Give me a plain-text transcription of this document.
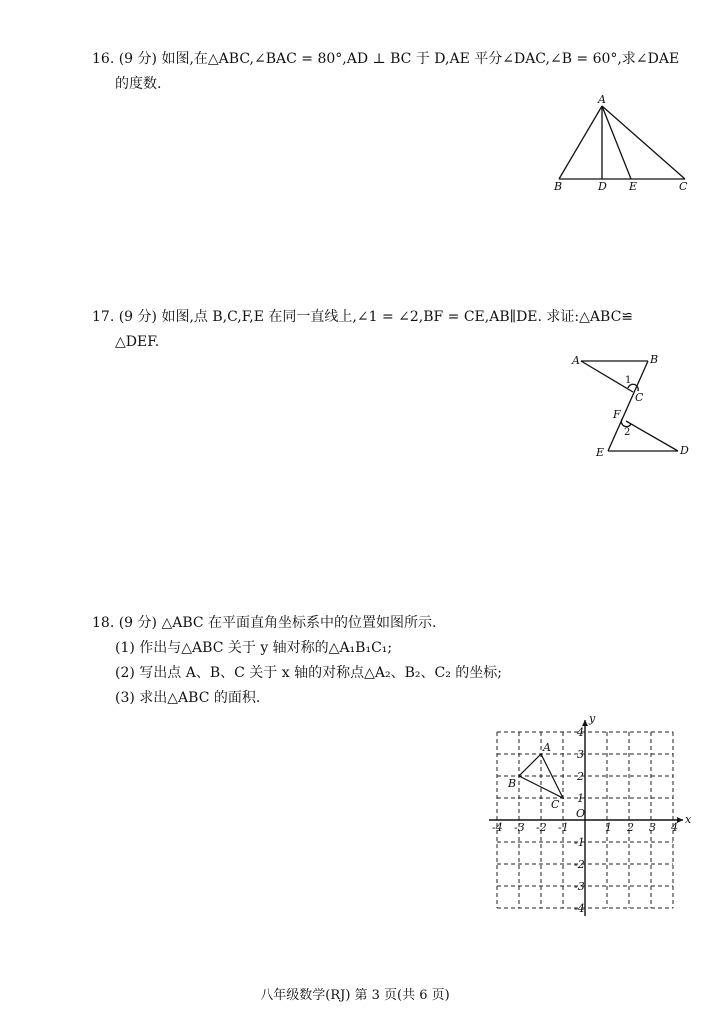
16. (9 分) 如图,在△ABC,∠BAC = 80°,AD ⊥ BC 于 D,AE 平分∠DAC,∠B = 60°,求∠DAE
的度数.
A
B	D E	C
17. (9 分) 如图,点 B,C,F,E 在同一直线上,∠1 = ∠2,BF = CE,AB∥DE. 求证:△ABC≌
△DEF.
A	B
1
C
F
2
E	D
18. (9 分) △ABC 在平面直角坐标系中的位置如图所示.
(1) 作出与△ABC 关于 y 轴对称的△A₁B₁C₁;
(2) 写出点 A、B、C 关于 x 轴的对称点△A₂、B₂、C₂ 的坐标;
(3) 求出△ABC 的面积.
-4 -3 -2 -1	1 2 3 4
4
3
2
1
-1
-2
-3
-4
A
B
C
O	x
y
八年级数学(RJ) 第 3 页(共 6 页)
